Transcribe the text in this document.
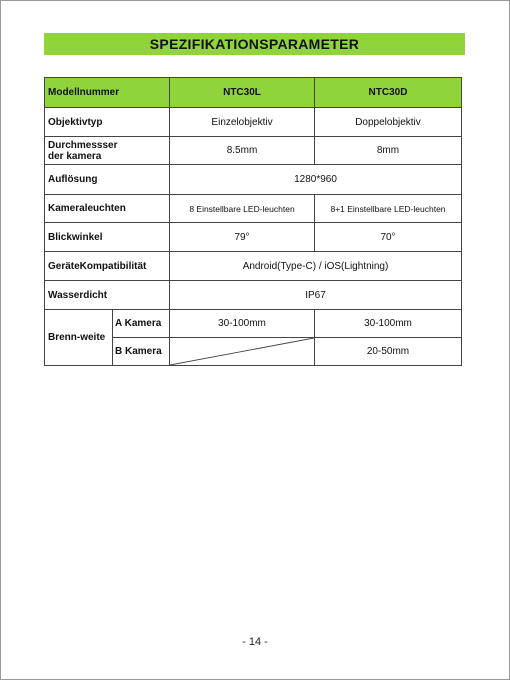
SPEZIFIKATIONSPARAMETER
Modellnummer		NTC30L	NTC30D
Objektivtyp		Einzelobjektiv	Doppelobjektiv

Durchmessser
der kamera		8.5mm	8mm
Auflösung		1280*960	
Kameraleuchten		8 Einstellbare LED-leuchten	8+1 Einstellbare LED-leuchten
Blickwinkel		79°	70°
GeräteKompatibilität		Android(Type-C) / iOS(Lightning)	
Wasserdicht		IP67	
Brenn-weite	A Kamera	30-100mm	30-100mm
	B Kamera		20-50mm
- 14 -
